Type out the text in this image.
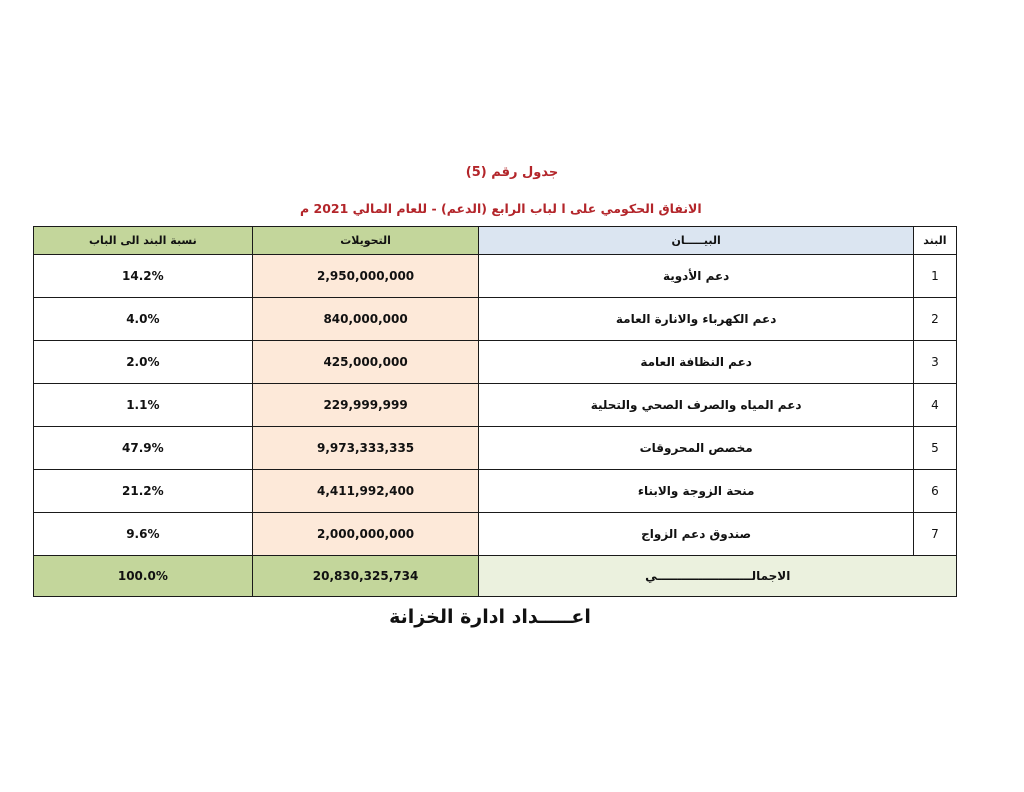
جدول رقم (5)
الانفاق الحكومي على ا لباب الرابع (الدعم) - للعام المالي 2021 م
نسبة البند الى الباب	التحويلات	البيـــــان	البند
14.2%	2,950,000,000	دعم الأدوية	1
4.0%	840,000,000	دعم الكهرباء والانارة العامة	2
2.0%	425,000,000	دعم النظافة العامة	3
1.1%	229,999,999	دعم المياه والصرف الصحي والتحلية	4
47.9%	9,973,333,335	مخصص المحروقات	5
21.2%	4,411,992,400	منحة الزوجة والابناء	6
9.6%	2,000,000,000	صندوق دعم الزواج	7
100.0%	20,830,325,734	الاجمالـــــــــــــــــــــــي	
اعـــــداد ادارة الخزانة
